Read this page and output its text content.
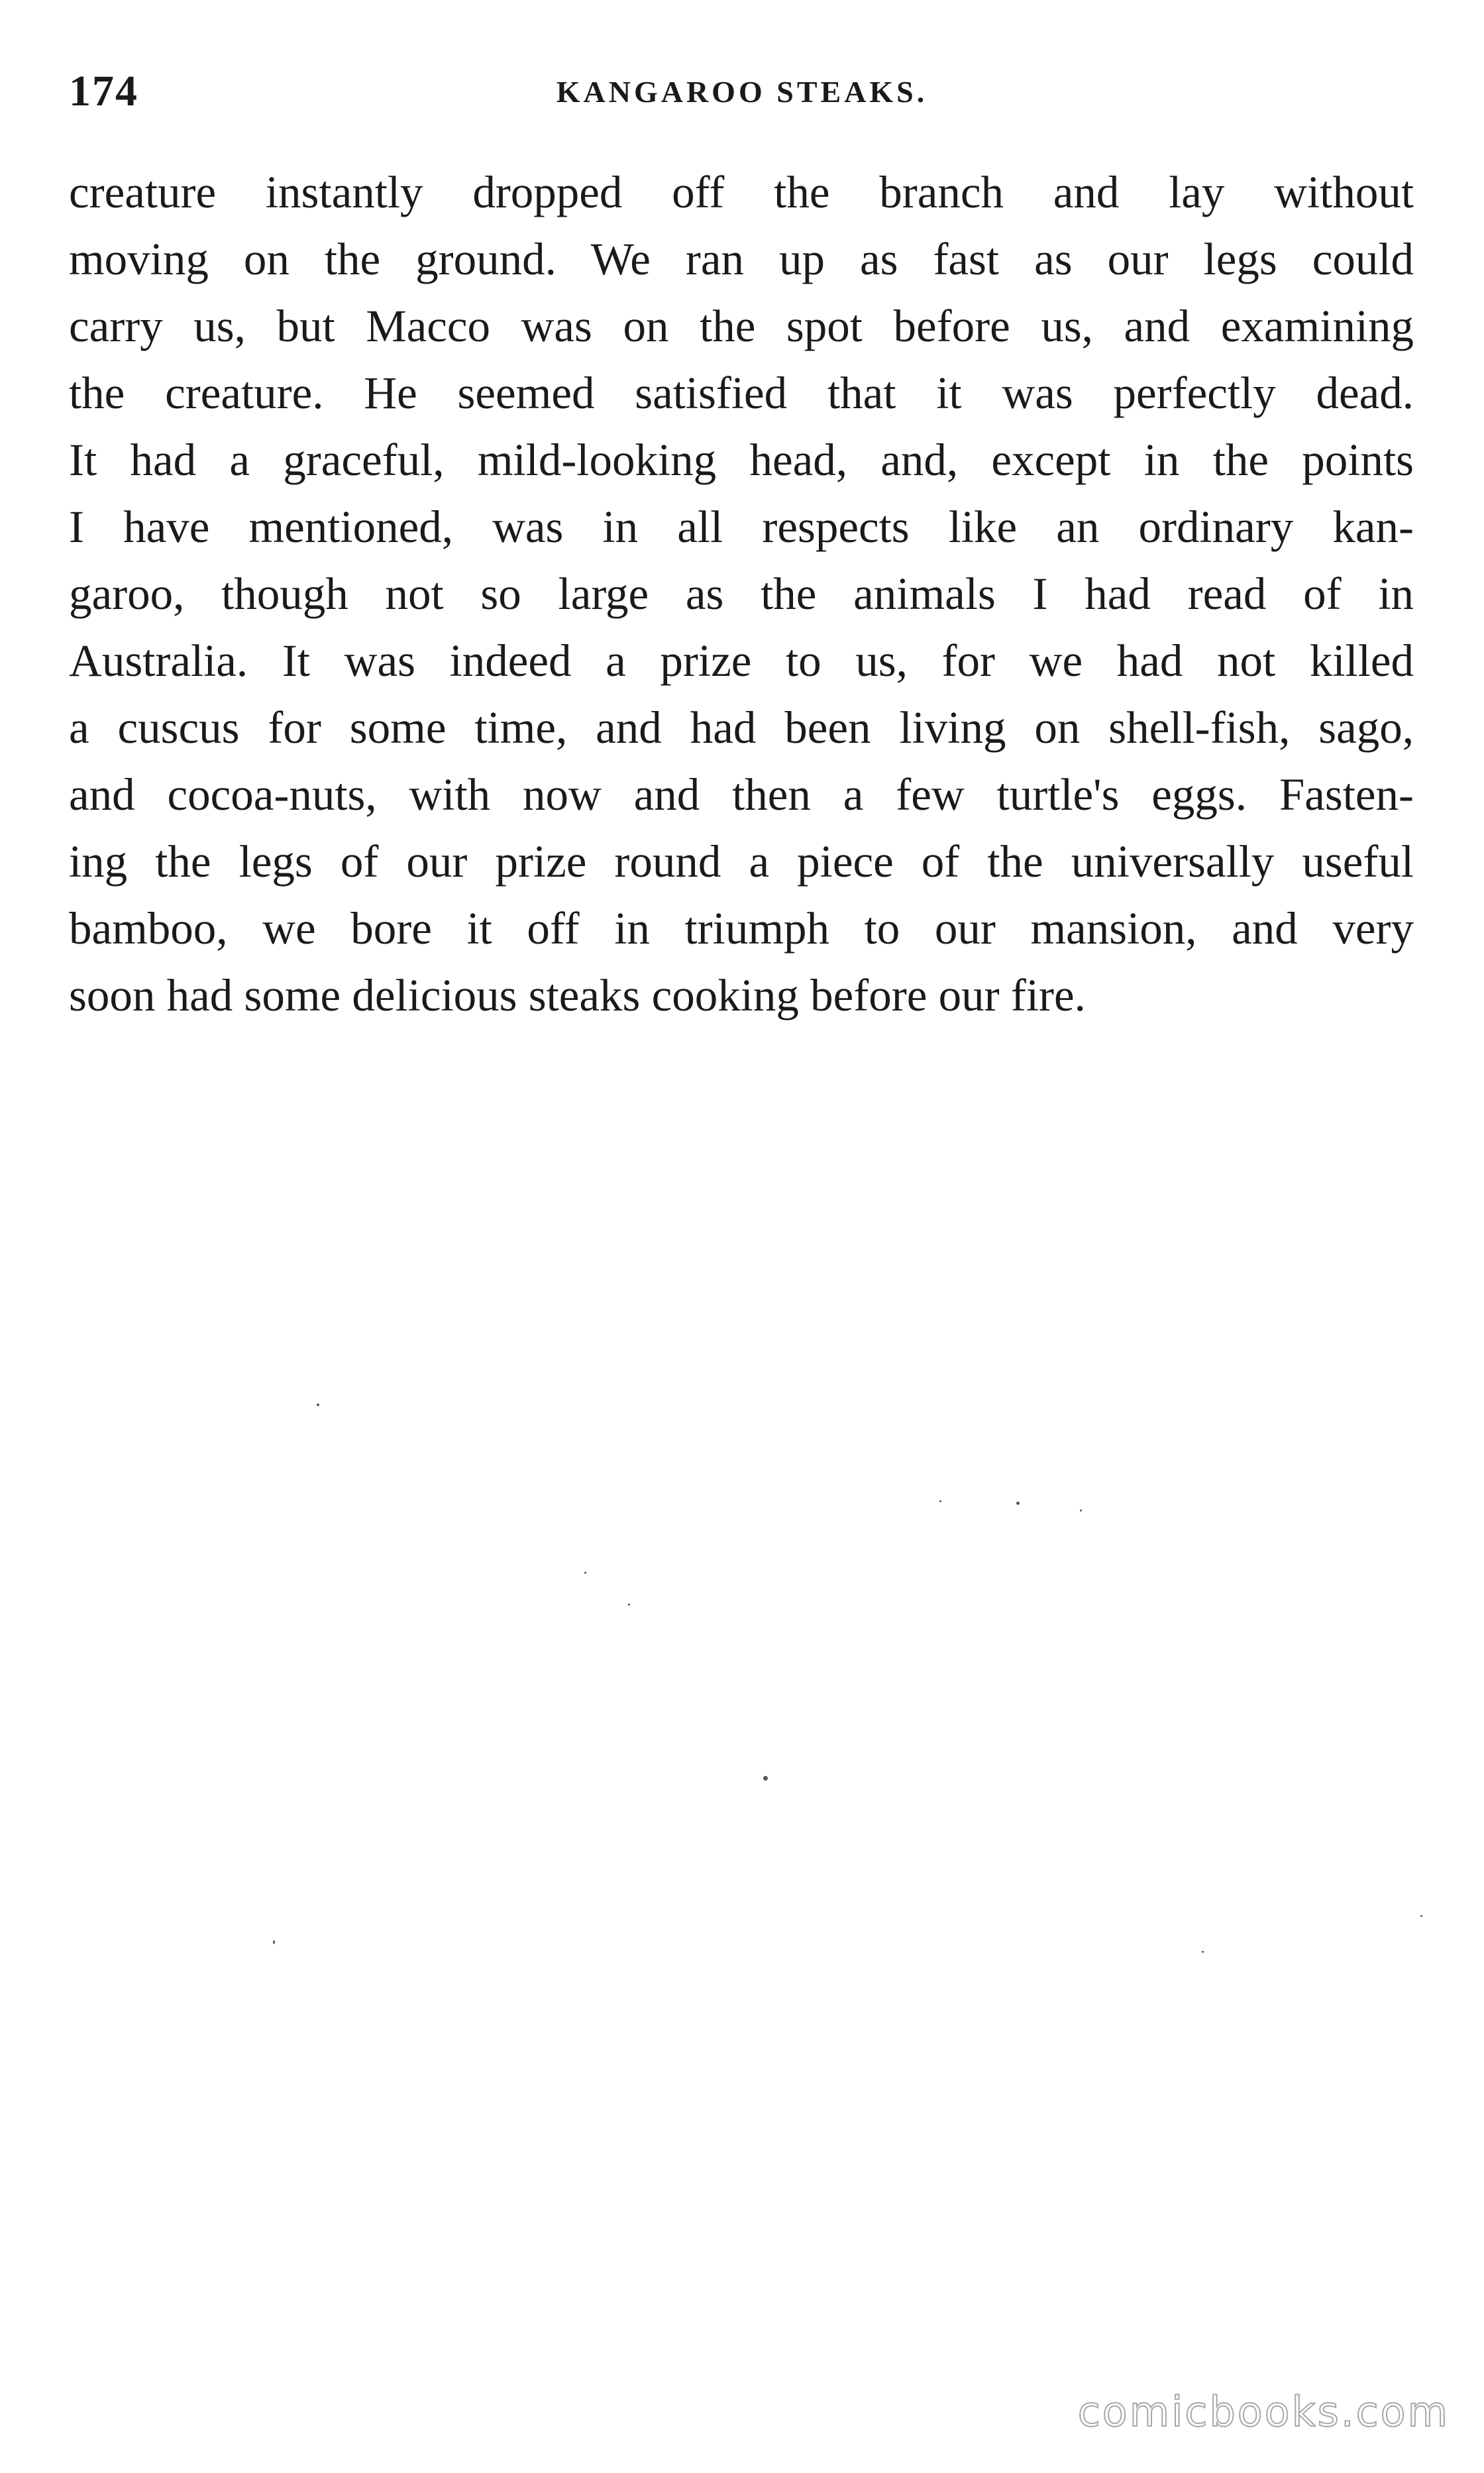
174	KANGAROO STEAKS.
creature instantly dropped off the branch and lay without
moving on the ground. We ran up as fast as our legs could
carry us, but Macco was on the spot before us, and examining
the creature. He seemed satisfied that it was perfectly dead.
It had a graceful, mild-looking head, and, except in the points
I have mentioned, was in all respects like an ordinary kan-
garoo, though not so large as the animals I had read of in
Australia. It was indeed a prize to us, for we had not killed
a cuscus for some time, and had been living on shell-fish, sago,
and cocoa-nuts, with now and then a few turtle's eggs. Fasten-
ing the legs of our prize round a piece of the universally useful
bamboo, we bore it off in triumph to our mansion, and very
soon had some delicious steaks cooking before our fire.
comicbooks.com
